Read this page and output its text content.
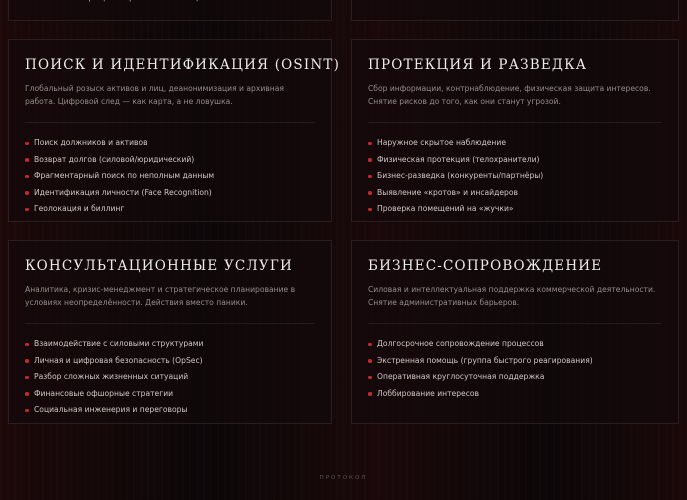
ПОИСК И ИДЕНТИФИКАЦИЯ (OSINT)

Глобальный розыск активов и лиц, деанонимизация и архивная работа. Цифровой след — как карта, а не ловушка.

Поиск должников и активов
Возврат долгов (силовой/юридический)
Фрагментарный поиск по неполным данным
Идентификация личности (Face Recognition)
Геолокация и биллинг
ПРОТЕКЦИЯ И РАЗВЕДКА

Сбор информации, контрнаблюдение, физическая защита интересов. Снятие рисков до того, как они станут угрозой.

Наружное скрытое наблюдение
Физическая протекция (телохранители)
Бизнес-разведка (конкуренты/партнёры)
Выявление «кротов» и инсайдеров
Проверка помещений на «жучки»
КОНСУЛЬТАЦИОННЫЕ УСЛУГИ

Аналитика, кризис-менеджмент и стратегическое планирование в условиях неопределённости. Действия вместо паники.

Взаимодействие с силовыми структурами
Личная и цифровая безопасность (OpSec)
Разбор сложных жизненных ситуаций
Финансовые офшорные стратегии
Социальная инженерия и переговоры
БИЗНЕС-СОПРОВОЖДЕНИЕ

Силовая и интеллектуальная поддержка коммерческой деятельности. Снятие административных барьеров.

Долгосрочное сопровождение процессов
Экстренная помощь (группа быстрого реагирования)
Оперативная круглосуточная поддержка
Лоббирование интересов
ПРОТОКОЛ
